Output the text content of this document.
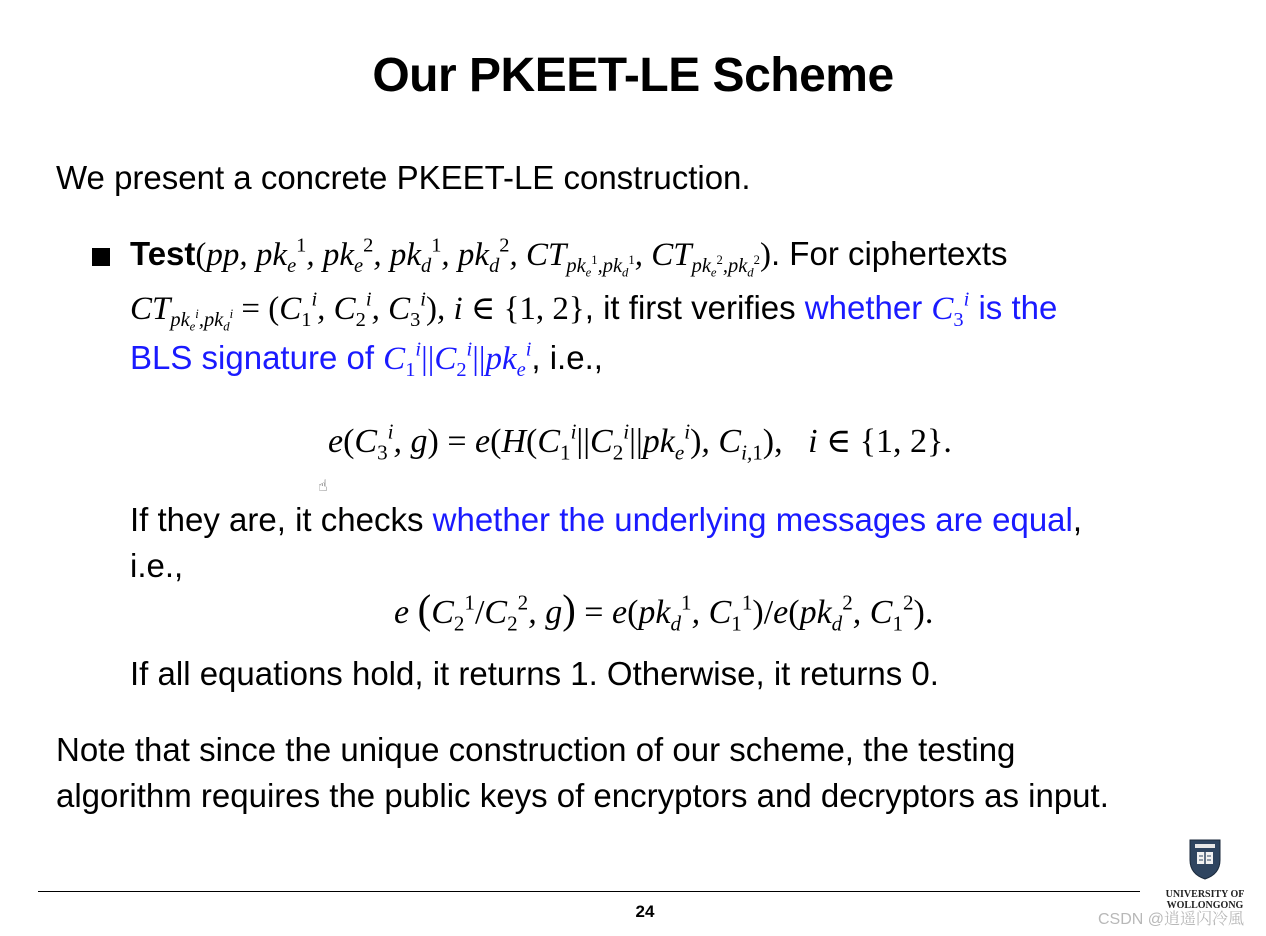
Our PKEET-LE Scheme
We present a concrete PKEET-LE construction.
Test(pp, $pk_e^1$, $pk_e^2$, $pk_d^1$, $pk_d^2$, $CT_{pk_e^1,pk_d^1}$, $CT_{pk_e^2,pk_d^2}$). For ciphertexts
$CT_{pk_e^i,pk_d^i} = (C_1^i$, $C_2^i$, $C_3^i$), i ∈ {1, 2}, it first verifies whether $C_3^i$ is the
BLS signature of $C_1^i||C_2^i||pk_e^i$, i.e.,
$e(C_3^i$, $g) = e(H(C_1^i||C_2^i||pk_e^i)$, $C_{i,1}$),   i ∈ {1, 2}.
☝
If they are, it checks whether the underlying messages are equal,
i.e.,
e ($C_2^1/C_2^2$, $g) = e(pk_d^1$, $C_1^1)/e(pk_d^2$, $C_1^2$).
If all equations hold, it returns 1. Otherwise, it returns 0.
Note that since the unique construction of our scheme, the testing
algorithm requires the public keys of encryptors and decryptors as input.
24
UNIVERSITY OF WOLLONGONG
CSDN @逍遥闪冷風
